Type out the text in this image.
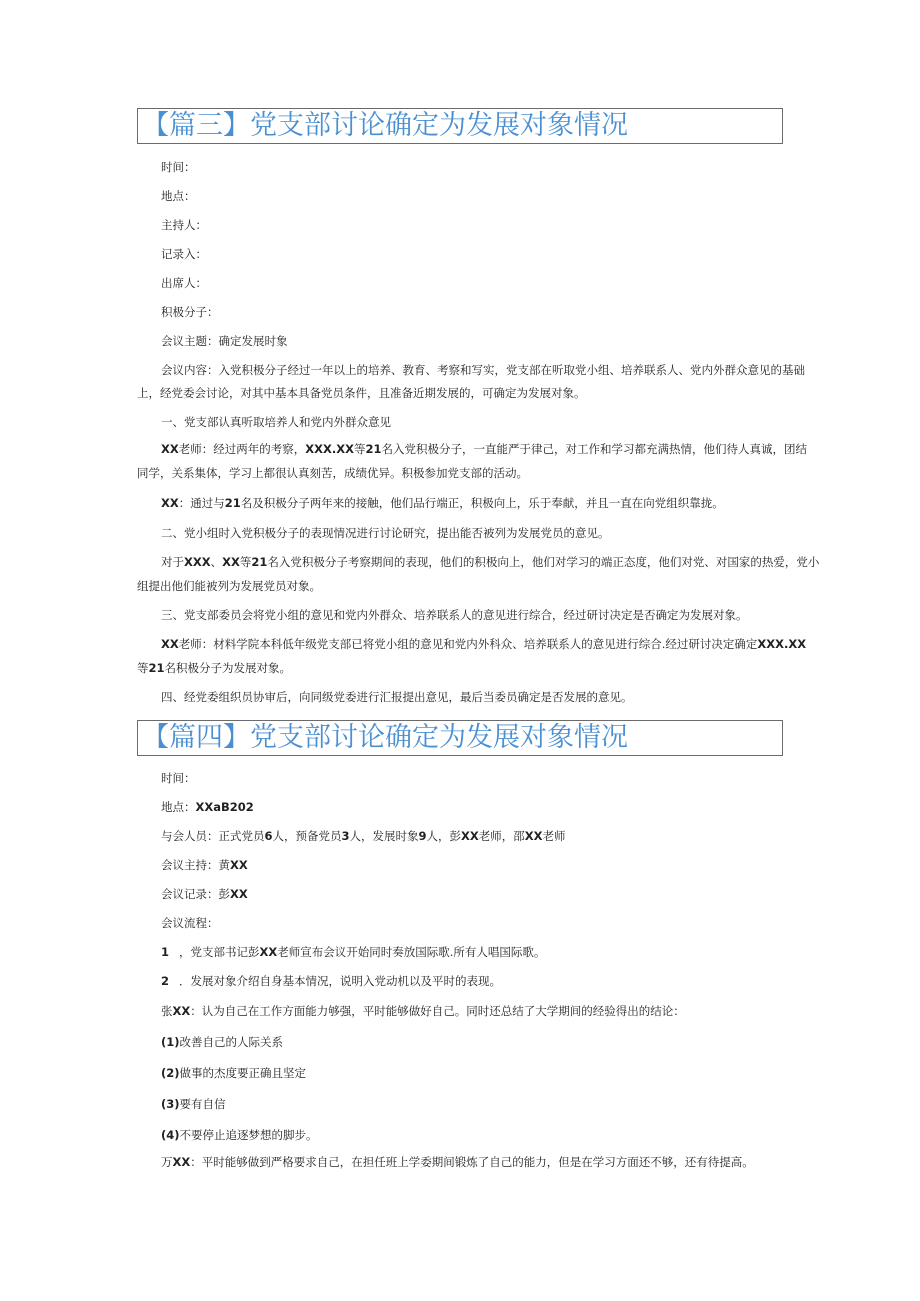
【篇三】党支部讨论确定为发展对象情况
时间：
地点：
主持人：
记录入：
出席人：
积极分子：
会议主题：确定发展时象
会议内容：入党积极分子经过一年以上的培养、教育、考察和写实，党支部在听取党小组、培养联系人、党内外群众意见的基础
上，经党委会讨论，对其中基本具备党员条件，且准备近期发展的，可确定为发展对象。
一、党支部认真听取培养人和党内外群众意见
XX老师：经过两年的考察，XXX.XX等21名入党积极分子，一直能严于律己，对工作和学习都充满热情，他们待人真诚，团结
同学，关系集体，学习上都很认真刻苦，成绩优异。积极参加党支部的活动。
XX：通过与21名及积极分子两年来的接触，他们品行端正，积极向上，乐于奉献，并且一直在向党组织靠拢。
二、党小组时入党积极分子的表现情况进行讨论研究，提出能否被列为发展党员的意见。
对于XXX、XX等21名入党积极分子考察期间的表现，他们的积极向上，他们对学习的端正态度，他们对党、对国家的热爱，党小
组提出他们能被列为发展党员对象。
三、党支部委员会将党小组的意见和党内外群众、培养联系人的意见进行综合，经过研讨决定是否确定为发展对象。
XX老师：材料学院本科低年级党支部已将党小组的意见和党内外科众、培养联系人的意见进行综合.经过研讨决定确定XXX.XX
等21名积极分子为发展对象。
四、经党委组织员协审后，向同级党委进行汇报提出意见，最后当委员确定是否发展的意见。
【篇四】党支部讨论确定为发展对象情况
时间：
地点：XXaB202
与会人员：正式党员6人，预备党员3人，发展时象9人，彭XX老师，邵XX老师
会议主持：黄XX
会议记录：彭XX
会议流程：
1 ，党支部书记彭XX老师宣布会议开始同时奏放国际歌.所有人唱国际歌。
2 ．发展对象介绍自身基本情况，说明入党动机以及平时的表现。
张XX：认为自己在工作方面能力够强，平时能够做好自己。同时还总结了大学期间的经验得出的结论：
(1)改善自己的人际关系
(2)做事的杰度要正确且坚定
(3)要有自信
(4)不要停止追逐梦想的脚步。
万XX：平时能够做到严格要求自己，在担任班上学委期间锻炼了自己的能力，但是在学习方面还不够，还有待提高。
